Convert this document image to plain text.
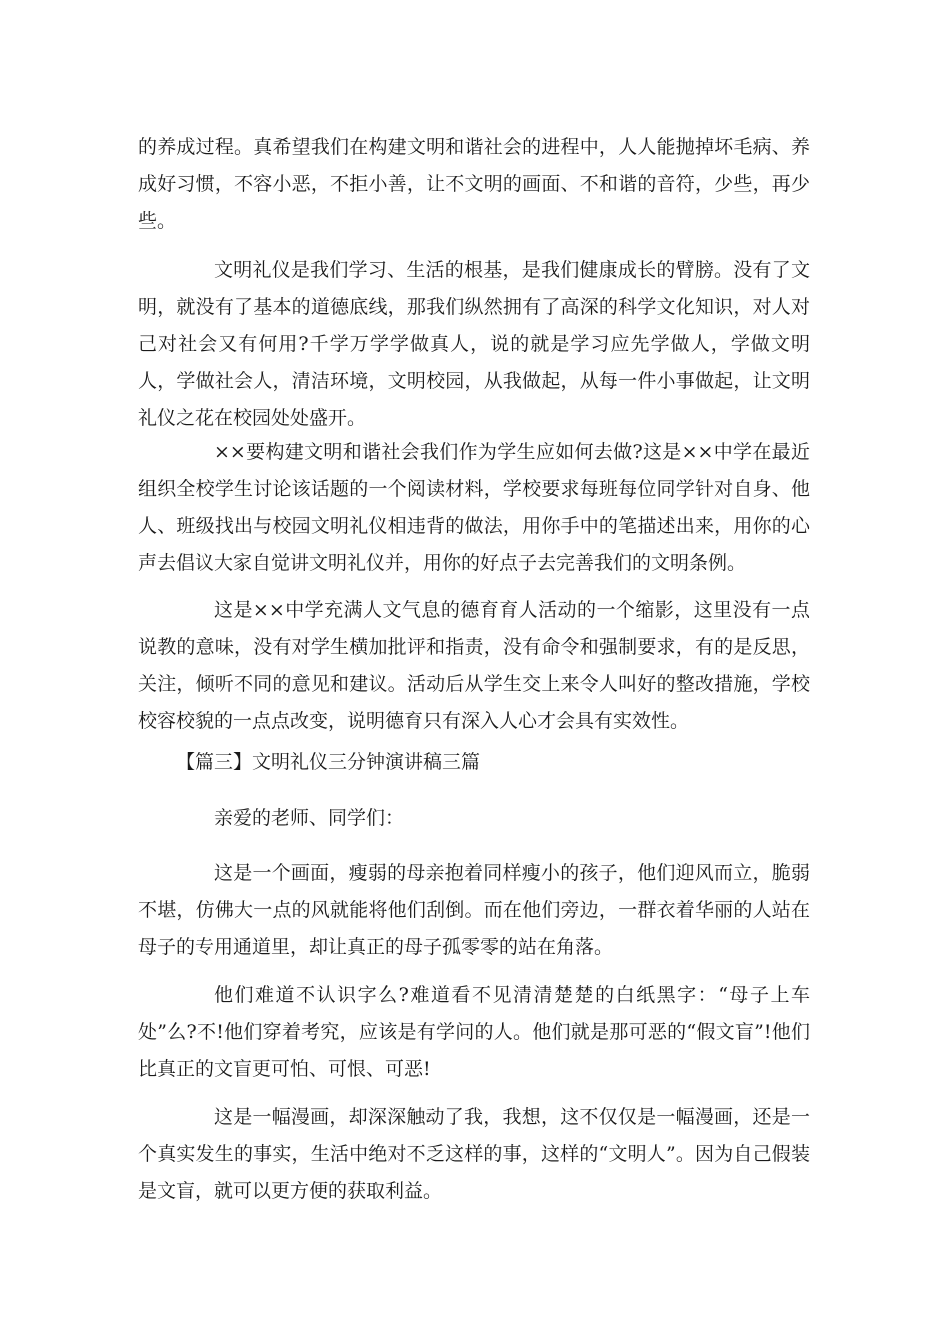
的养成过程。真希望我们在构建文明和谐社会的进程中，人人能抛掉坏毛病、养成好习惯，不容小恶，不拒小善，让不文明的画面、不和谐的音符，少些，再少些。

文明礼仪是我们学习、生活的根基，是我们健康成长的臂膀。没有了文明，就没有了基本的道德底线，那我们纵然拥有了高深的科学文化知识，对人对己对社会又有何用?千学万学学做真人，说的就是学习应先学做人，学做文明人，学做社会人，清洁环境，文明校园，从我做起，从每一件小事做起，让文明礼仪之花在校园处处盛开。

××要构建文明和谐社会我们作为学生应如何去做?这是××中学在最近组织全校学生讨论该话题的一个阅读材料，学校要求每班每位同学针对自身、他人、班级找出与校园文明礼仪相违背的做法，用你手中的笔描述出来，用你的心声去倡议大家自觉讲文明礼仪并，用你的好点子去完善我们的文明条例。

这是××中学充满人文气息的德育育人活动的一个缩影，这里没有一点说教的意味，没有对学生横加批评和指责，没有命令和强制要求，有的是反思，关注，倾听不同的意见和建议。活动后从学生交上来令人叫好的整改措施，学校校容校貌的一点点改变，说明德育只有深入人心才会具有实效性。

【篇三】文明礼仪三分钟演讲稿三篇

亲爱的老师、同学们：

这是一个画面，瘦弱的母亲抱着同样瘦小的孩子，他们迎风而立，脆弱不堪，仿佛大一点的风就能将他们刮倒。而在他们旁边，一群衣着华丽的人站在母子的专用通道里，却让真正的母子孤零零的站在角落。

他们难道不认识字么?难道看不见清清楚楚的白纸黑字：“母子上车处”么?不!他们穿着考究，应该是有学问的人。他们就是那可恶的“假文盲”!他们比真正的文盲更可怕、可恨、可恶!

这是一幅漫画，却深深触动了我，我想，这不仅仅是一幅漫画，还是一个真实发生的事实，生活中绝对不乏这样的事，这样的“文明人”。因为自己假装是文盲，就可以更方便的获取利益。
